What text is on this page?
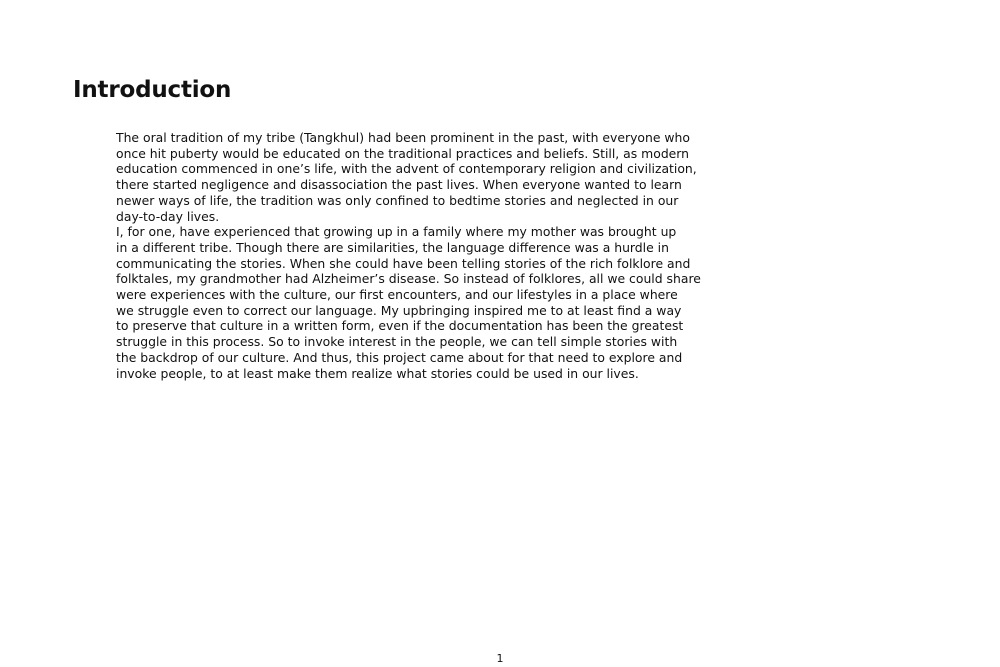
Introduction
The oral tradition of my tribe (Tangkhul) had been prominent in the past, with everyone who
once hit puberty would be educated on the traditional practices and beliefs. Still, as modern
education commenced in one’s life, with the advent of contemporary religion and civilization,
there started negligence and disassociation the past lives. When everyone wanted to learn
newer ways of life, the tradition was only confined to bedtime stories and neglected in our
day-to-day lives.
I, for one, have experienced that growing up in a family where my mother was brought up
in a different tribe. Though there are similarities, the language difference was a hurdle in
communicating the stories. When she could have been telling stories of the rich folklore and
folktales, my grandmother had Alzheimer’s disease. So instead of folklores, all we could share
were experiences with the culture, our first encounters, and our lifestyles in a place where
we struggle even to correct our language. My upbringing inspired me to at least find a way
to preserve that culture in a written form, even if the documentation has been the greatest
struggle in this process. So to invoke interest in the people, we can tell simple stories with
the backdrop of our culture. And thus, this project came about for that need to explore and
invoke people, to at least make them realize what stories could be used in our lives.
1
